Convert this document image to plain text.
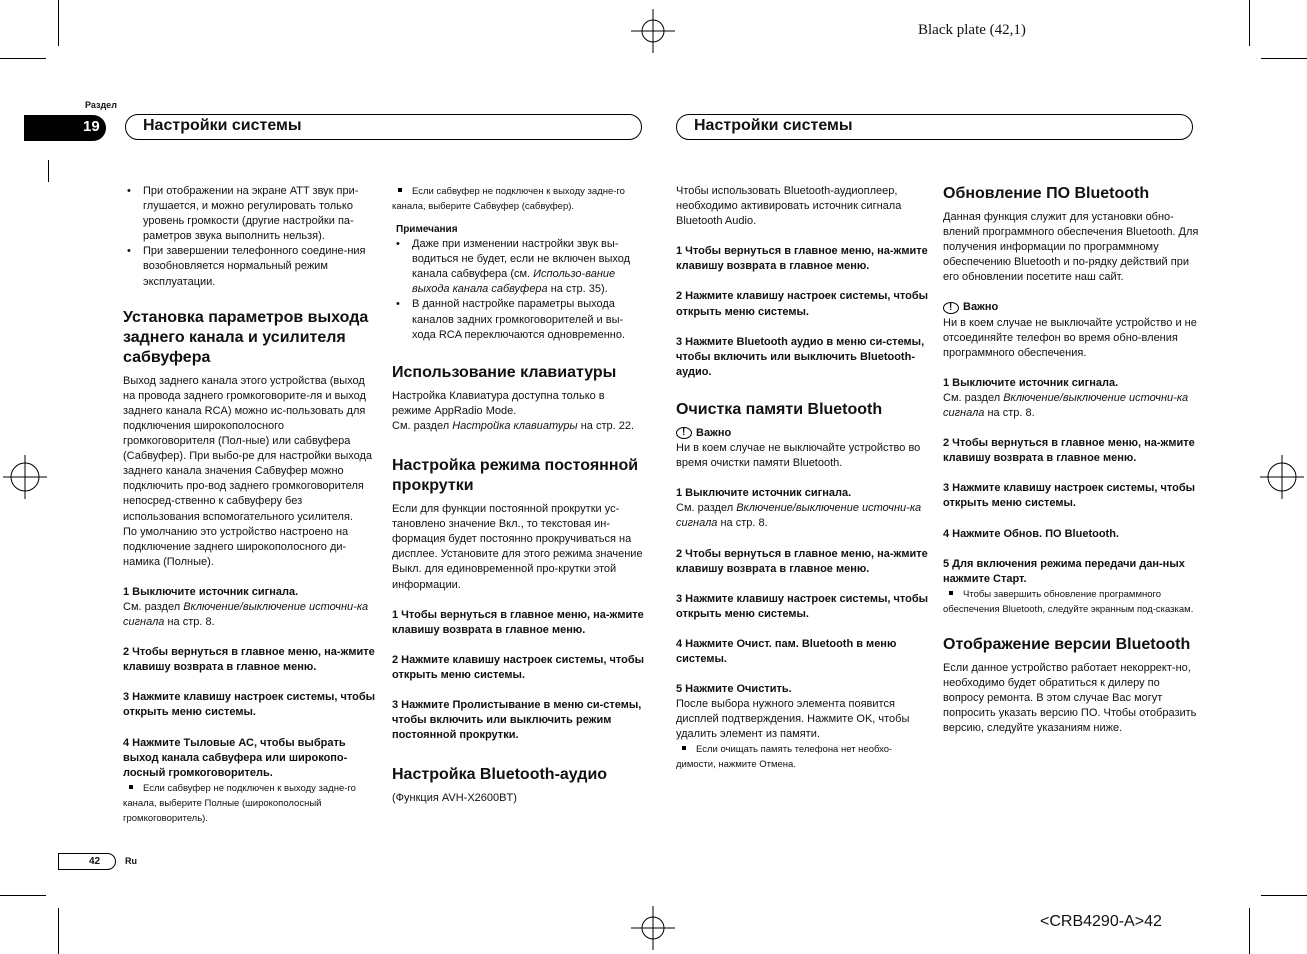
Black plate (42,1)
<CRB4290-A>42
Раздел
19	Настройки системы	Настройки системы
• При отображении на экране ATT звук при-глушается, и можно регулировать только уровень громкости (другие настройки па-раметров звука выполнить нельзя).
• При завершении телефонного соедине-ния возобновляется нормальный режим эксплуатации.
Установка параметров выхода заднего канала и усилителя сабвуфера
Выход заднего канала этого устройства (выход на провода заднего громкоговорите-ля и выход заднего канала RCA) можно ис-пользовать для подключения широкополосного громкоговорителя (Пол-ные) или сабвуфера (Сабвуфер). При выбо-ре для настройки выхода заднего канала значения Сабвуфер можно подключить про-вод заднего громкоговорителя непосред-ственно к сабвуферу без использования вспомогательного усилителя.
По умолчанию это устройство настроено на подключение заднего широкополосного ди-намика (Полные).
1 Выключите источник сигнала.
См. раздел Включение/выключение источни-ка сигнала на стр. 8.
2 Чтобы вернуться в главное меню, на-жмите клавишу возврата в главное меню.
3 Нажмите клавишу настроек системы, чтобы открыть меню системы.
4 Нажмите Тыловые АС, чтобы выбрать выход канала сабвуфера или широкопо-лосный громкоговоритель.
Если сабвуфер не подключен к выходу задне-го канала, выберите Полные (широкополосный громкоговоритель).
Если сабвуфер не подключен к выходу задне-го канала, выберите Сабвуфер (сабвуфер).
Примечания
• Даже при изменении настройки звук вы-водиться не будет, если не включен выход канала сабвуфера (см. Использо-вание выхода канала сабвуфера на стр. 35).
• В данной настройке параметры выхода каналов задних громкоговорителей и вы-хода RCA переключаются одновременно.
Использование клавиатуры
Настройка Клавиатура доступна только в режиме AppRadio Mode.
См. раздел Настройка клавиатуры на стр. 22.
Настройка режима постоянной прокрутки
Если для функции постоянной прокрутки ус-тановлено значение Вкл., то текстовая ин-формация будет постоянно прокручиваться на дисплее. Установите для этого режима значение Выкл. для единовременной про-крутки этой информации.
1 Чтобы вернуться в главное меню, на-жмите клавишу возврата в главное меню.
2 Нажмите клавишу настроек системы, чтобы открыть меню системы.
3 Нажмите Пролистывание в меню си-стемы, чтобы включить или выключить режим постоянной прокрутки.
Настройка Bluetooth-аудио
(Функция AVH-X2600BT)
Чтобы использовать Bluetooth-аудиоплеер, необходимо активировать источник сигнала Bluetooth Audio.
1 Чтобы вернуться в главное меню, на-жмите клавишу возврата в главное меню.
2 Нажмите клавишу настроек системы, чтобы открыть меню системы.
3 Нажмите Bluetooth аудио в меню си-стемы, чтобы включить или выключить Bluetooth-аудио.
Очистка памяти Bluetooth
!
Важно
Ни в коем случае не выключайте устройство во время очистки памяти Bluetooth.
1 Выключите источник сигнала.
См. раздел Включение/выключение источни-ка сигнала на стр. 8.
2 Чтобы вернуться в главное меню, на-жмите клавишу возврата в главное меню.
3 Нажмите клавишу настроек системы, чтобы открыть меню системы.
4 Нажмите Очист. пам. Bluetooth в меню системы.
5 Нажмите Очистить.
После выбора нужного элемента появится дисплей подтверждения. Нажмите OK, чтобы удалить элемент из памяти.
Если очищать память телефона нет необхо-димости, нажмите Отмена.
Обновление ПО Bluetooth
Данная функция служит для установки обно-влений программного обеспечения Bluetooth. Для получения информации по программному обеспечению Bluetooth и по-рядку действий при его обновлении посетите наш сайт.
!
Важно
Ни в коем случае не выключайте устройство и не отсоединяйте телефон во время обно-вления программного обеспечения.
1 Выключите источник сигнала.
См. раздел Включение/выключение источни-ка сигнала на стр. 8.
2 Чтобы вернуться в главное меню, на-жмите клавишу возврата в главное меню.
3 Нажмите клавишу настроек системы, чтобы открыть меню системы.
4 Нажмите Обнов. ПО Bluetooth.
5 Для включения режима передачи дан-ных нажмите Старт.
Чтобы завершить обновление программного обеспечения Bluetooth, следуйте экранным под-сказкам.
Отображение версии Bluetooth
Если данное устройство работает некоррект-но, необходимо будет обратиться к дилеру по вопросу ремонта. В этом случае Вас могут попросить указать версию ПО. Чтобы отобразить версию, следуйте указаниям ниже.
42	Ru
